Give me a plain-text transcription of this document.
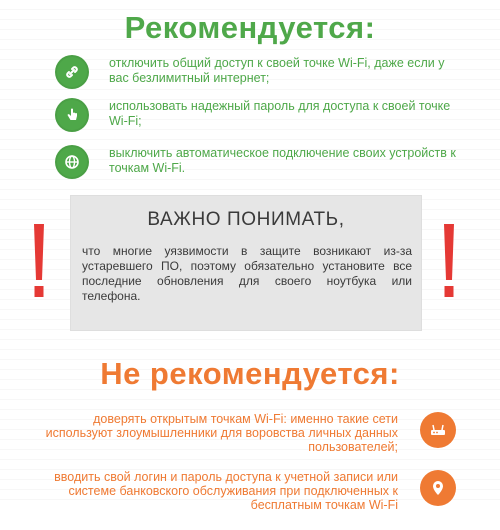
Рекомендуется:
отключить общий доступ к своей точке Wi-Fi, даже если у вас безлимитный интернет;
использовать надежный пароль для доступа к своей точке Wi-Fi;
выключить автоматическое подключение своих устройств к точкам Wi-Fi.
ВАЖНО ПОНИМАТЬ,
что многие уязвимости в защите возникают из-за устаревшего ПО, поэтому обязательно установите все последние обновления для своего ноутбука или телефона.
Не рекомендуется:
доверять открытым точкам Wi-Fi: именно такие сети используют злоумышленники для воровства личных данных пользователей;
вводить свой логин и пароль доступа к учетной записи или системе банковского обслуживания при подключенных к бесплатным точкам Wi-Fi
